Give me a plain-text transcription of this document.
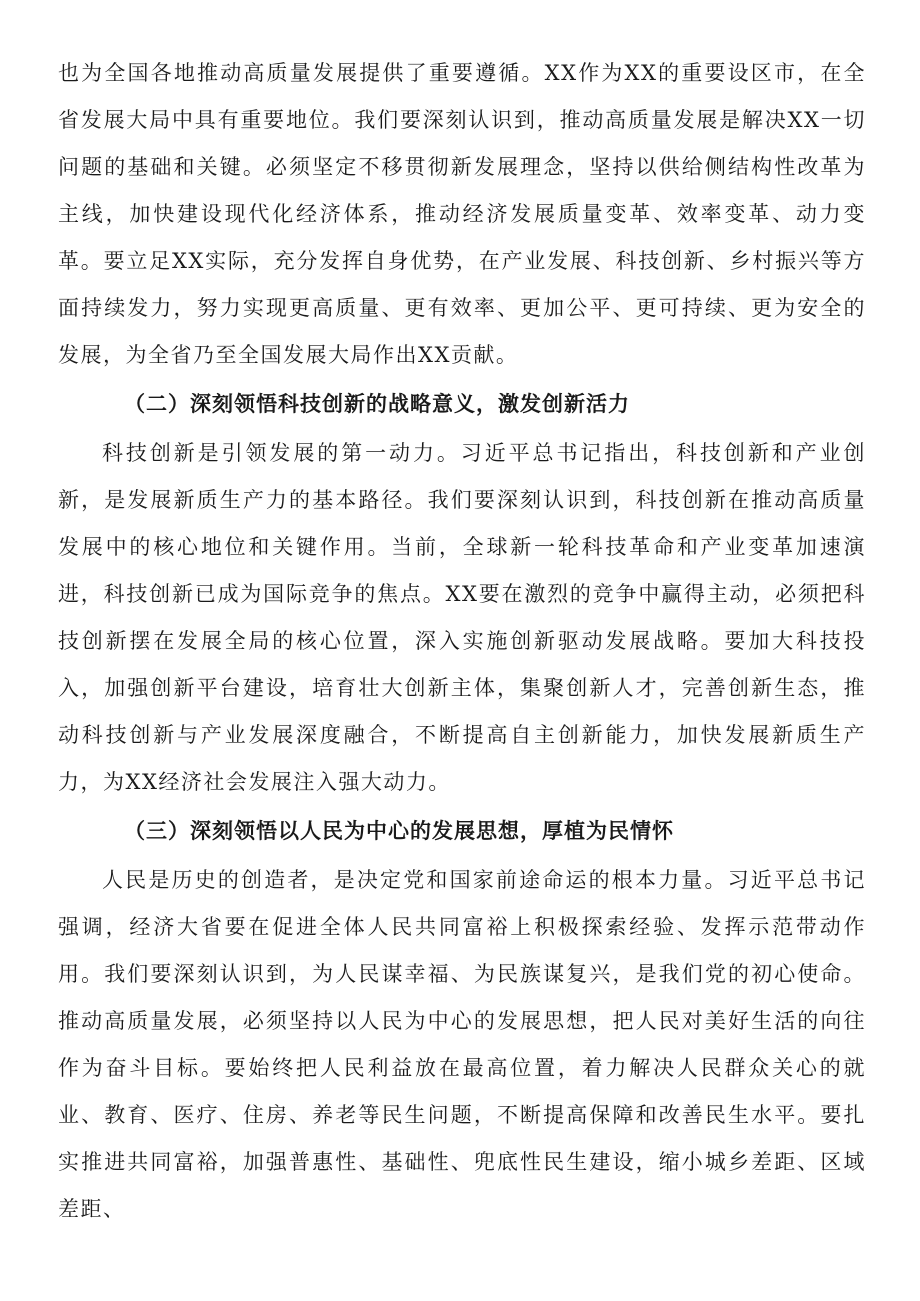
也为全国各地推动高质量发展提供了重要遵循。XX作为XX的重要设区市，在全省发展大局中具有重要地位。我们要深刻认识到，推动高质量发展是解决XX一切问题的基础和关键。必须坚定不移贯彻新发展理念，坚持以供给侧结构性改革为主线，加快建设现代化经济体系，推动经济发展质量变革、效率变革、动力变革。要立足XX实际，充分发挥自身优势，在产业发展、科技创新、乡村振兴等方面持续发力，努力实现更高质量、更有效率、更加公平、更可持续、更为安全的发展，为全省乃至全国发展大局作出XX贡献。

（二）深刻领悟科技创新的战略意义，激发创新活力

科技创新是引领发展的第一动力。习近平总书记指出，科技创新和产业创新，是发展新质生产力的基本路径。我们要深刻认识到，科技创新在推动高质量发展中的核心地位和关键作用。当前，全球新一轮科技革命和产业变革加速演进，科技创新已成为国际竞争的焦点。XX要在激烈的竞争中赢得主动，必须把科技创新摆在发展全局的核心位置，深入实施创新驱动发展战略。要加大科技投入，加强创新平台建设，培育壮大创新主体，集聚创新人才，完善创新生态，推动科技创新与产业发展深度融合，不断提高自主创新能力，加快发展新质生产力，为XX经济社会发展注入强大动力。

（三）深刻领悟以人民为中心的发展思想，厚植为民情怀

人民是历史的创造者，是决定党和国家前途命运的根本力量。习近平总书记强调，经济大省要在促进全体人民共同富裕上积极探索经验、发挥示范带动作用。我们要深刻认识到，为人民谋幸福、为民族谋复兴，是我们党的初心使命。推动高质量发展，必须坚持以人民为中心的发展思想，把人民对美好生活的向往作为奋斗目标。要始终把人民利益放在最高位置，着力解决人民群众关心的就业、教育、医疗、住房、养老等民生问题，不断提高保障和改善民生水平。要扎实推进共同富裕，加强普惠性、基础性、兜底性民生建设，缩小城乡差距、区域差距、
